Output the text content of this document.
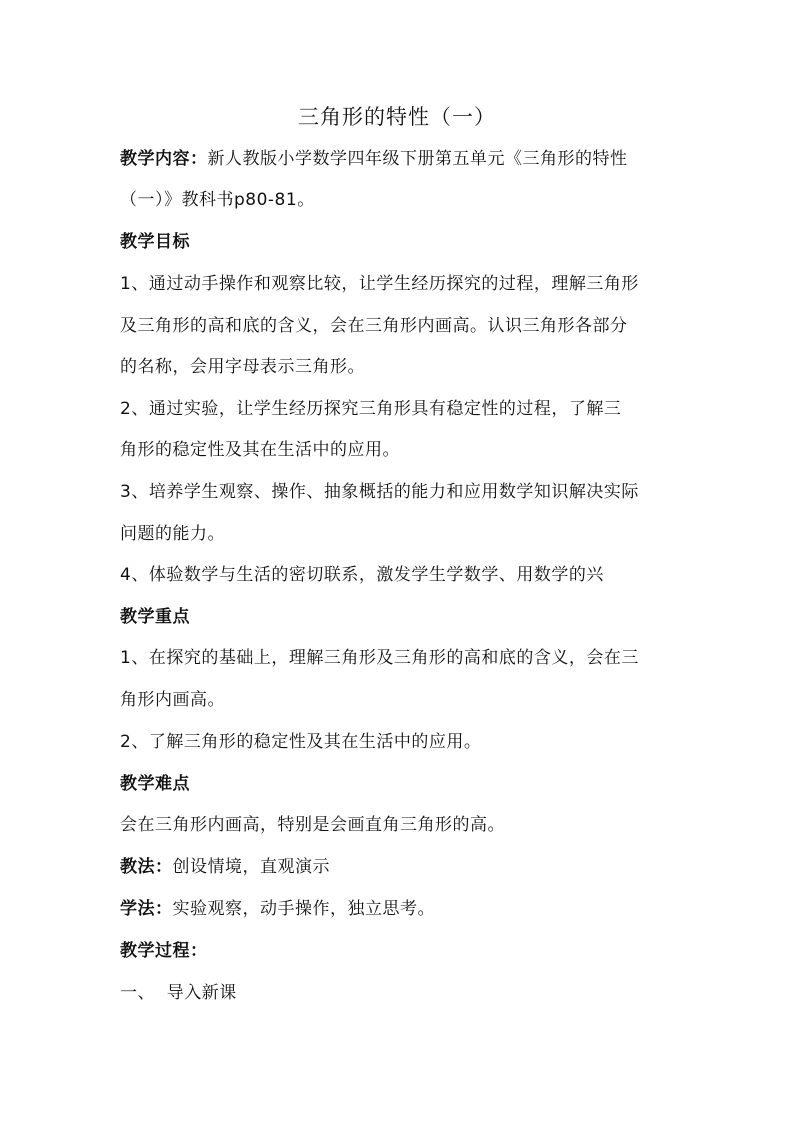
三角形的特性（一）
教学内容：新人教版小学数学四年级下册第五单元《三角形的特性
（一）》教科书p80-81。
教学目标
1、通过动手操作和观察比较，让学生经历探究的过程，理解三角形
及三角形的高和底的含义，会在三角形内画高。认识三角形各部分
的名称，会用字母表示三角形。
2、通过实验，让学生经历探究三角形具有稳定性的过程，了解三
角形的稳定性及其在生活中的应用。
3、培养学生观察、操作、抽象概括的能力和应用数学知识解决实际
问题的能力。
4、体验数学与生活的密切联系，激发学生学数学、用数学的兴
教学重点
1、在探究的基础上，理解三角形及三角形的高和底的含义，会在三
角形内画高。
2、了解三角形的稳定性及其在生活中的应用。
教学难点
会在三角形内画高，特别是会画直角三角形的高。
教法：创设情境，直观演示
学法：实验观察，动手操作，独立思考。
教学过程：
一、  导入新课
